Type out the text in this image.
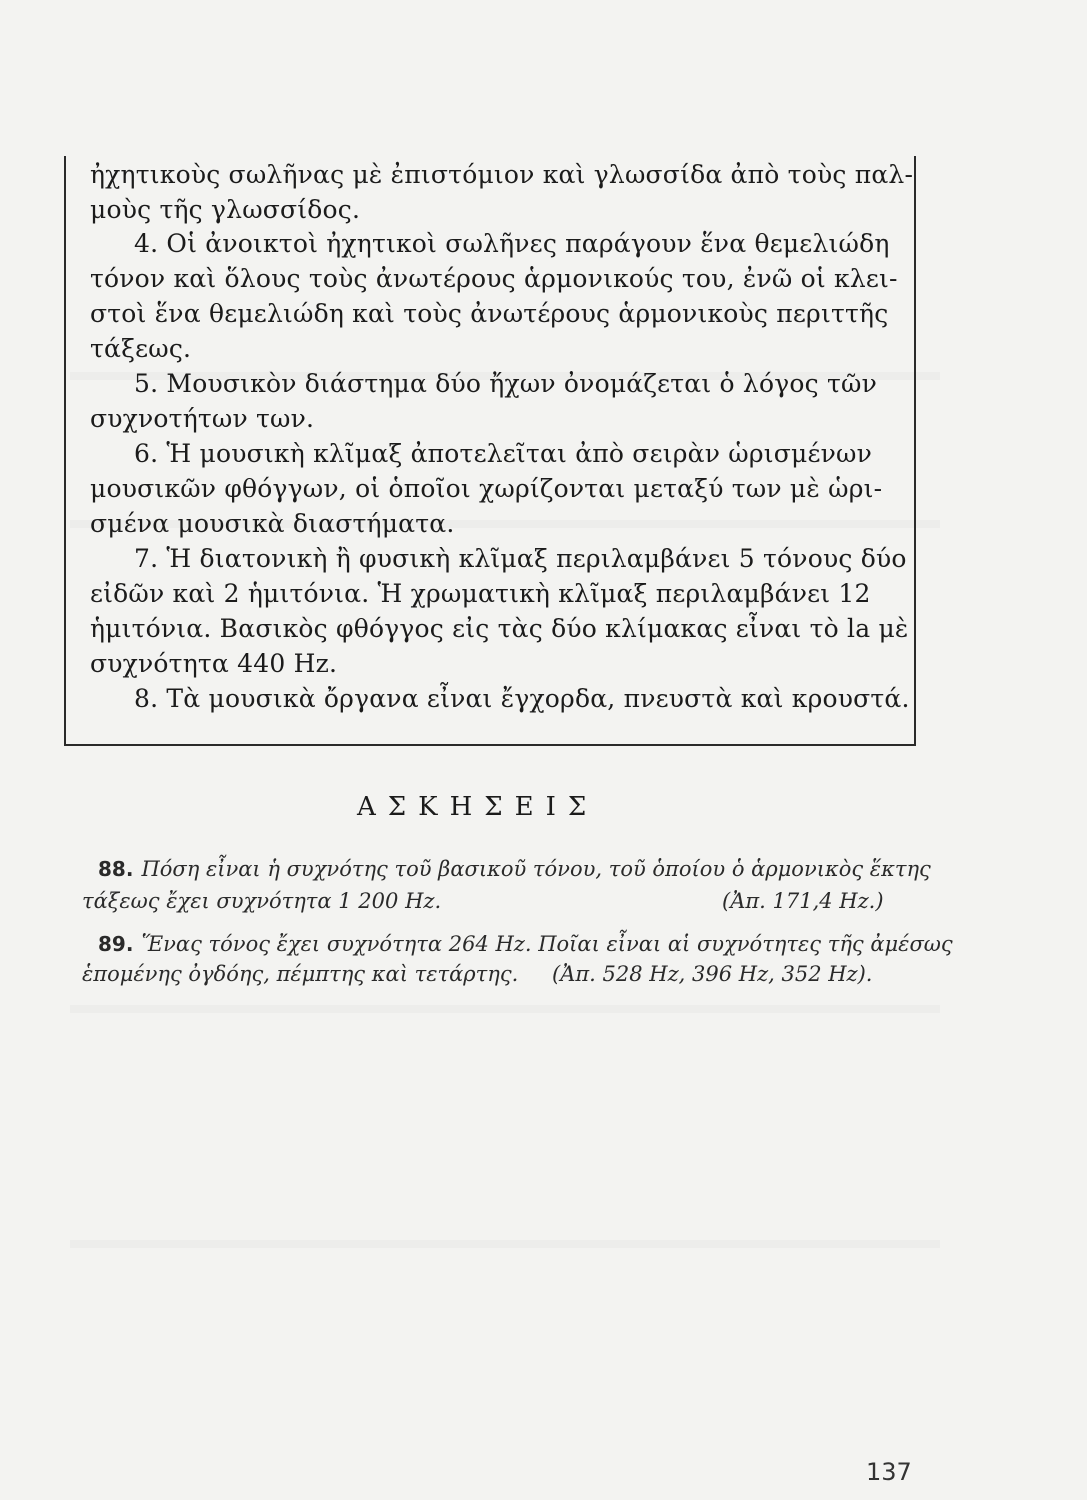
ἠχητικοὺς σωλῆνας μὲ ἐπιστόμιον καὶ γλωσσίδα ἀπὸ τοὺς παλ-
μοὺς τῆς γλωσσίδος.
4. Οἱ ἀνοικτοὶ ἠχητικοὶ σωλῆνες παράγουν ἕνα θεμελιώδη
τόνον καὶ ὅλους τοὺς ἀνωτέρους ἁρμονικούς του, ἐνῶ οἱ κλει-
στοὶ ἕνα θεμελιώδη καὶ τοὺς ἀνωτέρους ἁρμονικοὺς περιττῆς
τάξεως.
5. Μουσικὸν διάστημα δύο ἤχων ὀνομάζεται ὁ λόγος τῶν
συχνοτήτων των.
6. Ἡ μουσικὴ κλῖμαξ ἀποτελεῖται ἀπὸ σειρὰν ὡρισμένων
μουσικῶν φθόγγων, οἱ ὁποῖοι χωρίζονται μεταξύ των μὲ ὡρι-
σμένα μουσικὰ διαστήματα.
7. Ἡ διατονικὴ ἢ φυσικὴ κλῖμαξ περιλαμβάνει 5 τόνους δύο
εἰδῶν καὶ 2 ἡμιτόνια. Ἡ χρωματικὴ κλῖμαξ περιλαμβάνει 12
ἡμιτόνια. Βασικὸς φθόγγος εἰς τὰς δύο κλίμακας εἶναι τὸ la μὲ
συχνότητα 440 Hz.
8. Τὰ μουσικὰ ὄργανα εἶναι ἔγχορδα, πνευστὰ καὶ κρουστά.
ΑΣΚΗΣΕΙΣ
88. Πόση εἶναι ἡ συχνότης τοῦ βασικοῦ τόνου, τοῦ ὁποίου ὁ ἁρμονικὸς ἕκτης
τάξεως ἔχει συχνότητα 1 200 Hz.	(Ἀπ. 171,4 Hz.)
89. Ἕνας τόνος ἔχει συχνότητα 264 Hz. Ποῖαι εἶναι αἱ συχνότητες τῆς ἀμέσως
ἑπομένης ὀγδόης, πέμπτης καὶ τετάρτης. (Ἀπ. 528 Hz, 396 Hz, 352 Hz).
137
